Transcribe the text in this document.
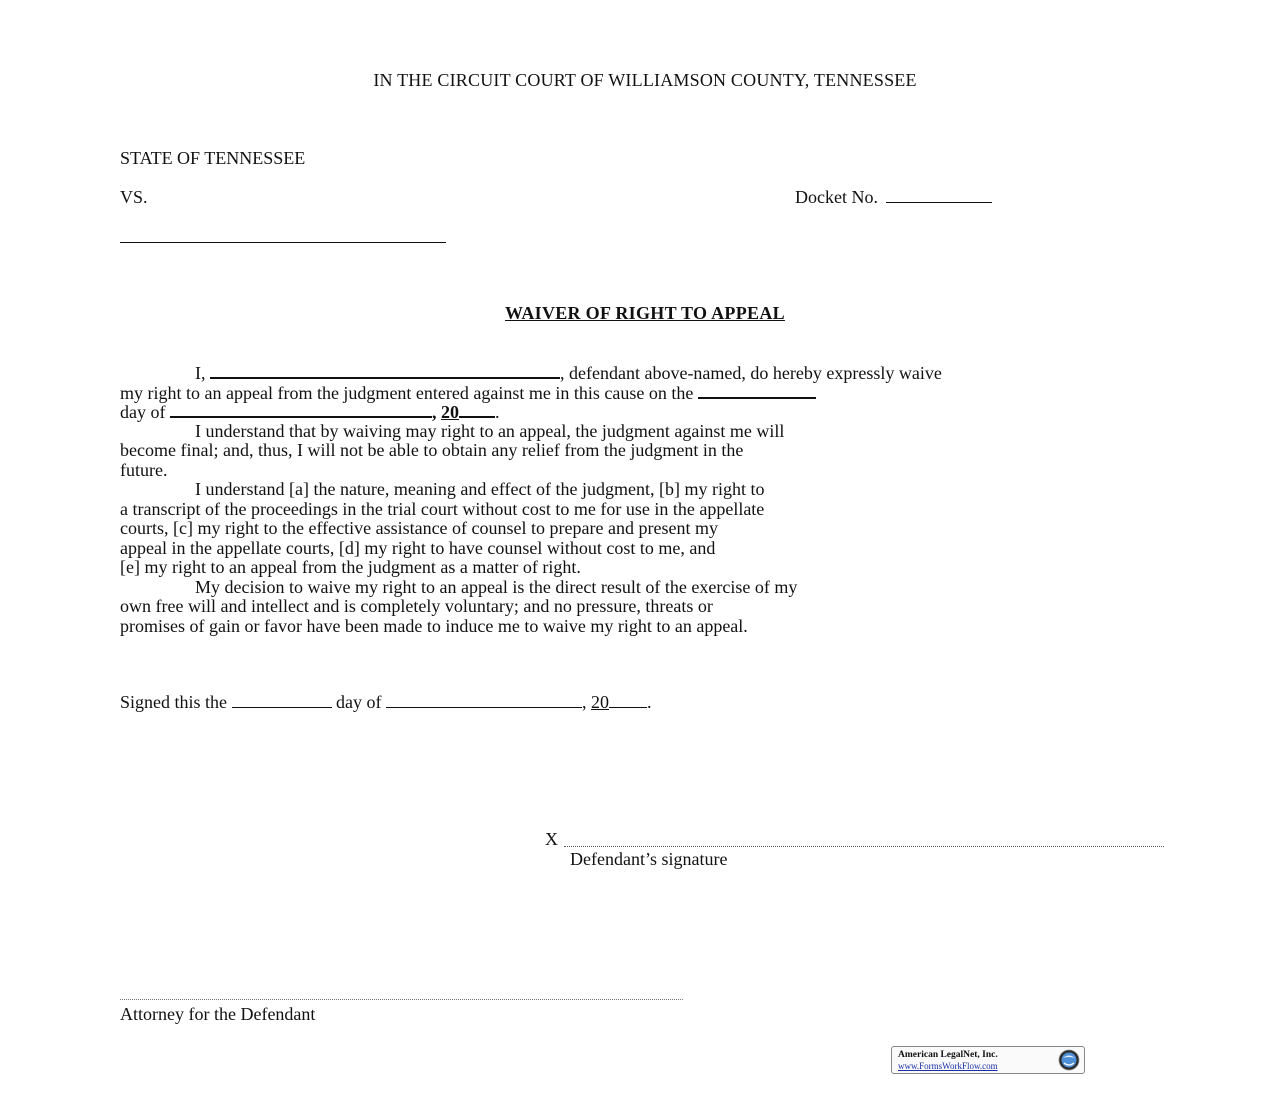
IN THE CIRCUIT COURT OF WILLIAMSON COUNTY, TENNESSEE
STATE OF TENNESSEE
VS.	Docket No.
WAIVER OF RIGHT TO APPEAL
I,	, defendant above-named, do hereby expressly waive
my right to an appeal from the judgment entered against me in this cause on the
day of	, 20 .
I understand that by waiving may right to an appeal, the judgment against me will
become final; and, thus, I will not be able to obtain any relief from the judgment in the
future.
I understand [a] the nature, meaning and effect of the judgment, [b] my right to
a transcript of the proceedings in the trial court without cost to me for use in the appellate
courts, [c] my right to the effective assistance of counsel to prepare and present my
appeal in the appellate courts, [d] my right to have counsel without cost to me, and
[e] my right to an appeal from the judgment as a matter of right.
My decision to waive my right to an appeal is the direct result of the exercise of my
own free will and intellect and is completely voluntary; and no pressure, threats or
promises of gain or favor have been made to induce me to waive my right to an appeal.
Signed this the	day of	, 20 .
X
Defendant’s signature
Attorney for the Defendant
American LegalNet, Inc.
www.FormsWorkFlow.com
